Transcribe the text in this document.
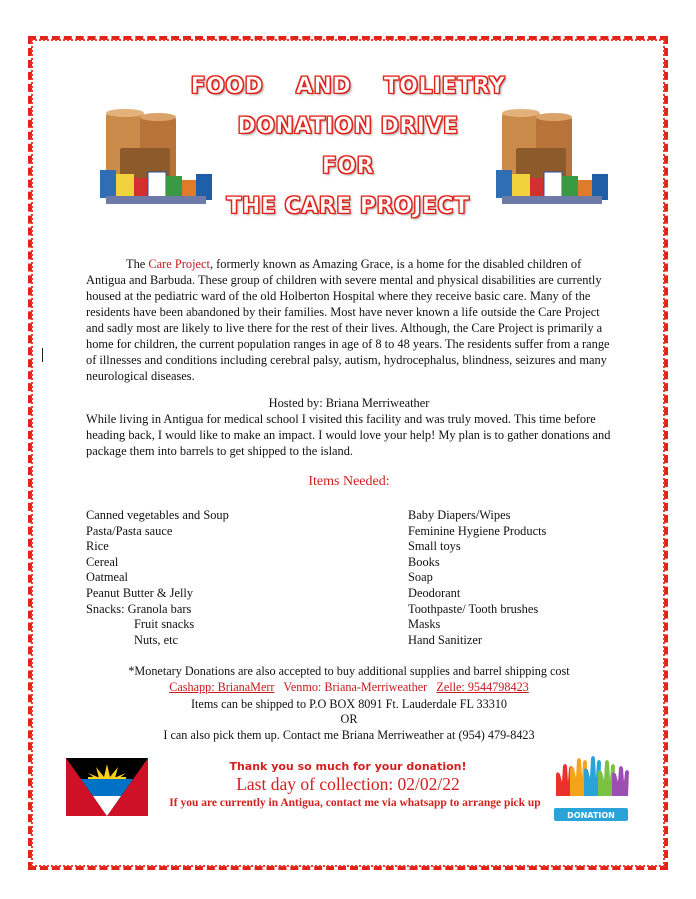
FOOD    AND    TOLIETRY
DONATION DRIVE
FOR
THE CARE PROJECT

The Care Project, formerly known as Amazing Grace, is a home for the disabled children of Antigua and Barbuda. These group of children with severe mental and physical disabilities are currently housed at the pediatric ward of the old Holberton Hospital where they receive basic care. Many of the residents have been abandoned by their families. Most have never known a life outside the Care Project and sadly most are likely to live there for the rest of their lives. Although, the Care Project is primarily a home for children, the current population ranges in age of 8 to 48 years. The residents suffer from a range of illnesses and conditions including cerebral palsy, autism, hydrocephalus, blindness, seizures and many neurological diseases.

Hosted by: Briana Merriweather

While living in Antigua for medical school I visited this facility and was truly moved. This time before heading back, I would like to make an impact. I would love your help! My plan is to gather donations and package them into barrels to get shipped to the island.

Items Needed:
Canned vegetables and Soup
Pasta/Pasta sauce
Rice
Cereal
Oatmeal
Peanut Butter & Jelly
Snacks: Granola bars
Fruit snacks
Nuts, etc
Baby Diapers/Wipes
Feminine Hygiene Products
Small toys
Books
Soap
Deodorant
Toothpaste/ Tooth brushes
Masks
Hand Sanitizer
*Monetary Donations are also accepted to buy additional supplies and barrel shipping cost
Cashapp: BrianaMerr Venmo: Briana-Merriweather Zelle: 9544798423
Items can be shipped to P.O BOX 8091 Ft. Lauderdale FL 33310
OR
I can also pick them up. Contact me Briana Merriweather at (954) 479-8423
Thank you so much for your donation!
Last day of collection: 02/02/22
If you are currently in Antigua, contact me via whatsapp to arrange pick up
DONATION
